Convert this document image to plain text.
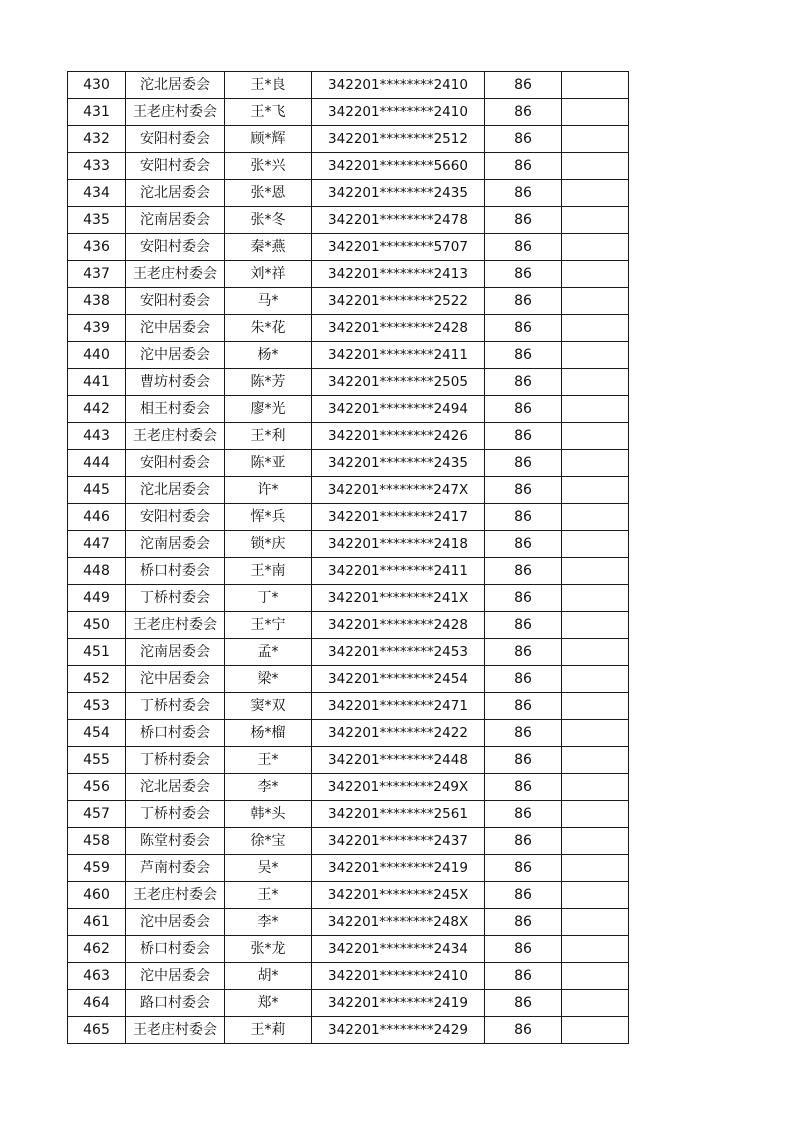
430	沱北居委会	王*良	342201********2410	86	
431	王老庄村委会	王*飞	342201********2410	86	
432	安阳村委会	顾*辉	342201********2512	86	
433	安阳村委会	张*兴	342201********5660	86	
434	沱北居委会	张*恩	342201********2435	86	
435	沱南居委会	张*冬	342201********2478	86	
436	安阳村委会	秦*燕	342201********5707	86	
437	王老庄村委会	刘*祥	342201********2413	86	
438	安阳村委会	马*	342201********2522	86	
439	沱中居委会	朱*花	342201********2428	86	
440	沱中居委会	杨*	342201********2411	86	
441	曹坊村委会	陈*芳	342201********2505	86	
442	相王村委会	廖*光	342201********2494	86	
443	王老庄村委会	王*利	342201********2426	86	
444	安阳村委会	陈*亚	342201********2435	86	
445	沱北居委会	许*	342201********247X	86	
446	安阳村委会	恽*兵	342201********2417	86	
447	沱南居委会	锁*庆	342201********2418	86	
448	桥口村委会	王*南	342201********2411	86	
449	丁桥村委会	丁*	342201********241X	86	
450	王老庄村委会	王*宁	342201********2428	86	
451	沱南居委会	孟*	342201********2453	86	
452	沱中居委会	梁*	342201********2454	86	
453	丁桥村委会	窦*双	342201********2471	86	
454	桥口村委会	杨*榴	342201********2422	86	
455	丁桥村委会	王*	342201********2448	86	
456	沱北居委会	李*	342201********249X	86	
457	丁桥村委会	韩*头	342201********2561	86	
458	陈堂村委会	徐*宝	342201********2437	86	
459	芦南村委会	吴*	342201********2419	86	
460	王老庄村委会	王*	342201********245X	86	
461	沱中居委会	李*	342201********248X	86	
462	桥口村委会	张*龙	342201********2434	86	
463	沱中居委会	胡*	342201********2410	86	
464	路口村委会	郑*	342201********2419	86	
465	王老庄村委会	王*莉	342201********2429	86	
